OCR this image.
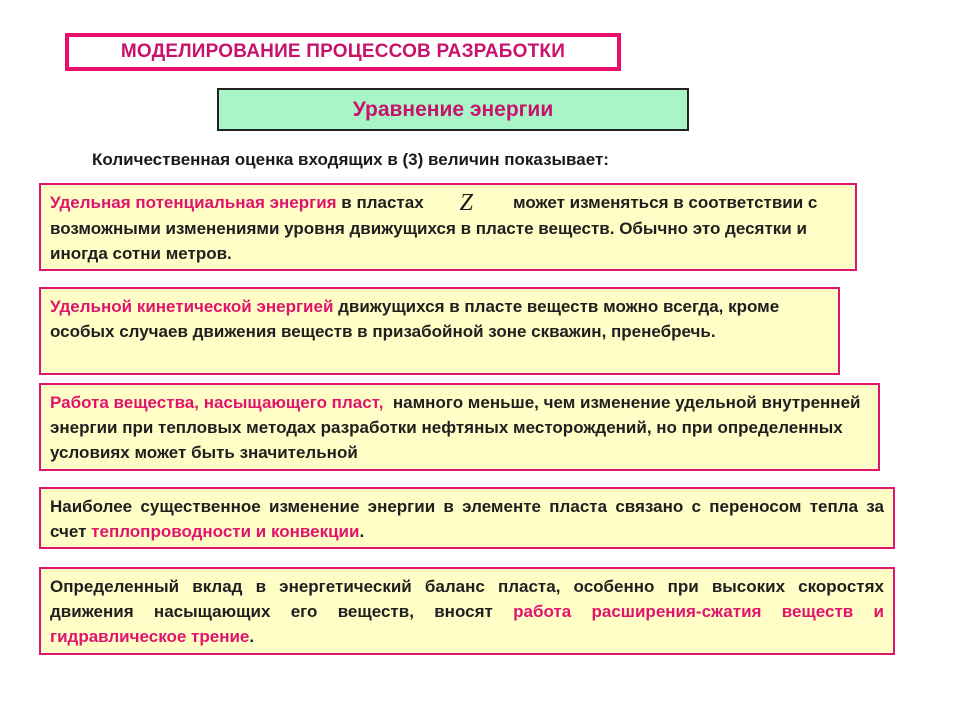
МОДЕЛИРОВАНИЕ ПРОЦЕССОВ РАЗРАБОТКИ
Уравнение энергии
Количественная оценка входящих в (3) величин показывает:
Удельная потенциальная энергия в пластах Z может изменяться в соответствии с возможными изменениями уровня движущихся в пласте веществ. Обычно это десятки и иногда сотни метров.
Удельной кинетической энергией движущихся в пласте веществ можно всегда, кроме особых случаев движения веществ в призабойной зоне скважин, пренебречь.
Работа вещества, насыщающего пласт,  намного меньше, чем изменение удельной внутренней энергии при тепловых методах разработки нефтяных месторождений, но при определенных условиях может быть значительной
Наиболее существенное изменение энергии в элементе пласта связано с переносом тепла за счет теплопроводности и конвекции.
Определенный вклад в энергетический баланс пласта, особенно при высоких скоростях движения насыщающих его веществ, вносят работа расширения-сжатия веществ и гидравлическое трение.
